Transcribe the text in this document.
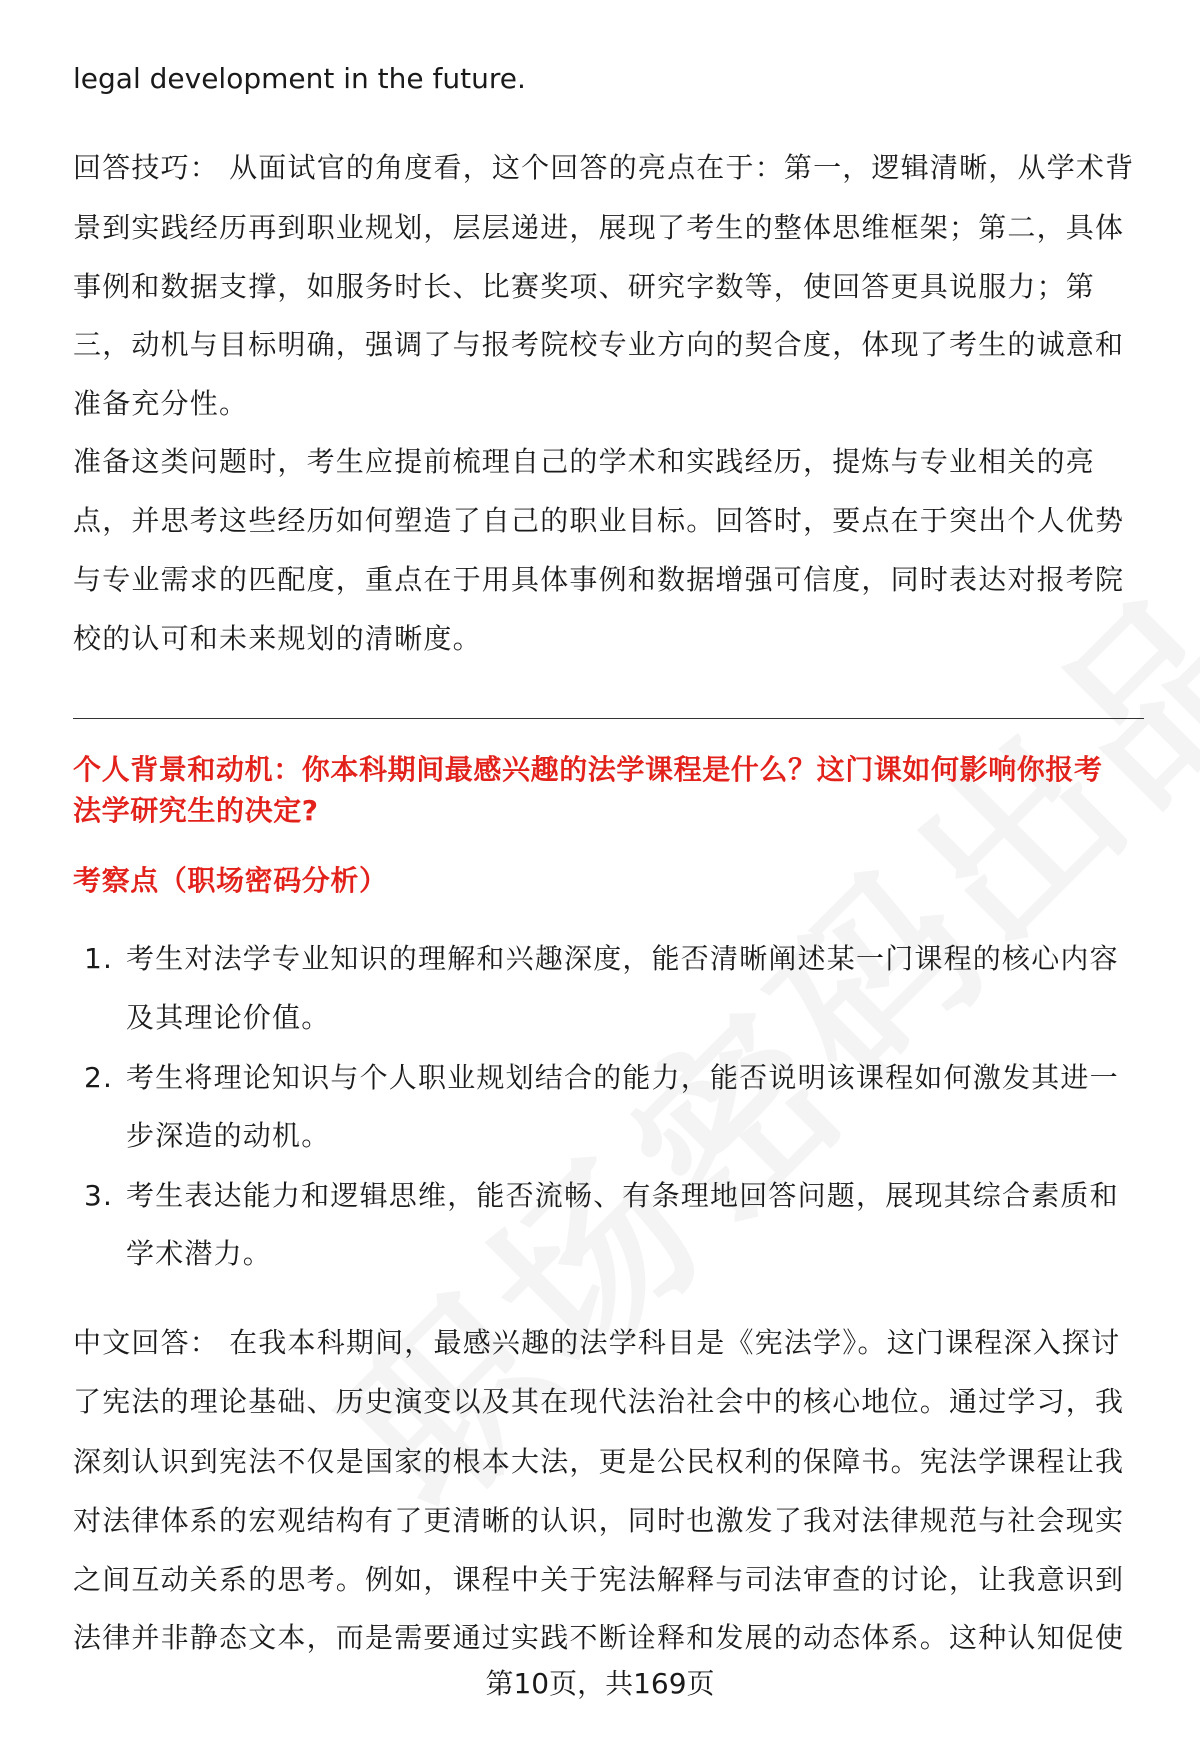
legal development in the future.
回答技巧： 从面试官的角度看，这个回答的亮点在于：第一，逻辑清晰，从学术背
景到实践经历再到职业规划，层层递进，展现了考生的整体思维框架；第二，具体
事例和数据支撑，如服务时长、比赛奖项、研究字数等，使回答更具说服力；第
三，动机与目标明确，强调了与报考院校专业方向的契合度，体现了考生的诚意和
准备充分性。
准备这类问题时，考生应提前梳理自己的学术和实践经历，提炼与专业相关的亮
点，并思考这些经历如何塑造了自己的职业目标。回答时，要点在于突出个人优势
与专业需求的匹配度，重点在于用具体事例和数据增强可信度，同时表达对报考院
校的认可和未来规划的清晰度。
个人背景和动机：你本科期间最感兴趣的法学课程是什么？这门课如何影响你报考
法学研究生的决定?
考察点（职场密码分析）
1. 考生对法学专业知识的理解和兴趣深度，能否清晰阐述某一门课程的核心内容
及其理论价值。
2. 考生将理论知识与个人职业规划结合的能力，能否说明该课程如何激发其进一
步深造的动机。
3. 考生表达能力和逻辑思维，能否流畅、有条理地回答问题，展现其综合素质和
学术潜力。
中文回答： 在我本科期间，最感兴趣的法学科目是《宪法学》。这门课程深入探讨
了宪法的理论基础、历史演变以及其在现代法治社会中的核心地位。通过学习，我
深刻认识到宪法不仅是国家的根本大法，更是公民权利的保障书。宪法学课程让我
对法律体系的宏观结构有了更清晰的认识，同时也激发了我对法律规范与社会现实
之间互动关系的思考。例如，课程中关于宪法解释与司法审查的讨论，让我意识到
法律并非静态文本，而是需要通过实践不断诠释和发展的动态体系。这种认知促使
第10页，共169页
